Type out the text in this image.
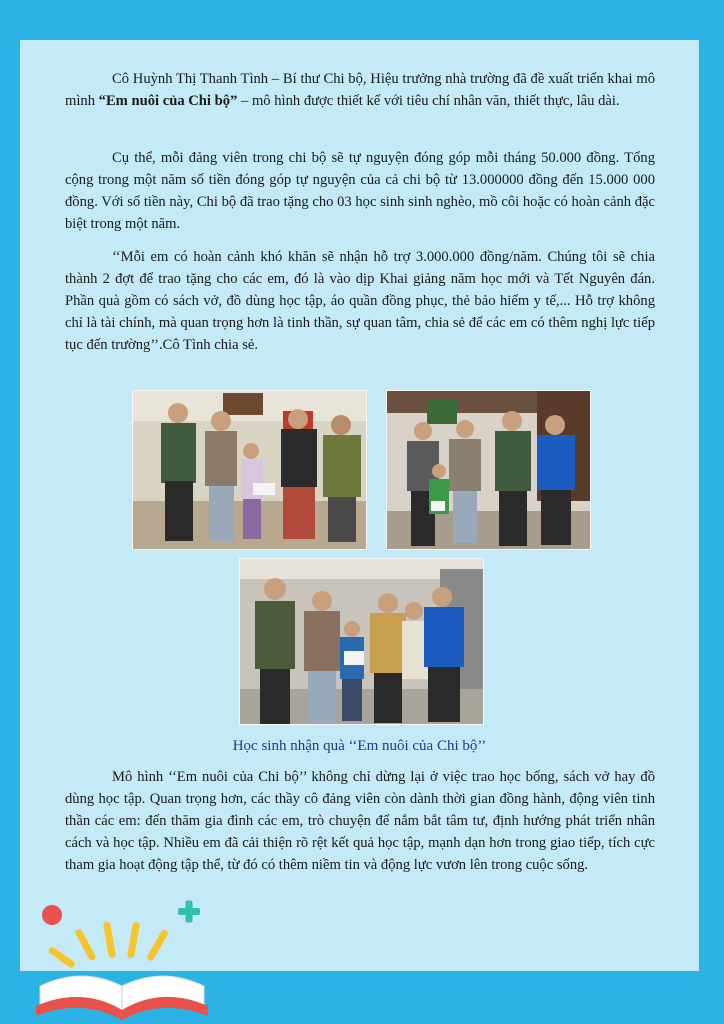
Cô Huỳnh Thị Thanh Tình – Bí thư Chi bộ, Hiệu trưởng nhà trường đã đề xuất triển khai mô mình “Em nuôi của Chi bộ” – mô hình được thiết kế với tiêu chí nhân văn, thiết thực, lâu dài.

Cụ thể, mỗi đảng viên trong chi bộ sẽ tự nguyện đóng góp mỗi tháng 50.000 đồng. Tổng cộng trong một năm số tiền đóng góp tự nguyện của cả chi bộ từ 13.000000 đồng đến 15.000 000 đồng. Với số tiền này, Chi bộ đã trao tặng cho 03 học sinh sinh nghèo, mồ côi hoặc có hoàn cảnh đặc biệt trong một năm.

‘‘Mỗi em có hoàn cảnh khó khăn sẽ nhận hỗ trợ 3.000.000 đồng/năm. Chúng tôi sẽ chia thành 2 đợt để trao tặng cho các em, đó là vào dịp Khai giảng năm học mới và Tết Nguyên đán. Phần quà gồm có sách vở, đồ dùng học tập, áo quần đồng phục, thẻ bảo hiểm y tế,... Hỗ trợ không chỉ là tài chính, mà quan trọng hơn là tinh thần, sự quan tâm, chia sẻ để các em có thêm nghị lực tiếp tục đến trường’’.Cô Tình chia sẻ.

Học sinh nhận quà ‘‘Em nuôi của Chi bộ’’

Mô hình ‘‘Em nuôi của Chi bộ’’ không chỉ dừng lại ở việc trao học bổng, sách vở hay đồ dùng học tập. Quan trọng hơn, các thầy cô đảng viên còn dành thời gian đồng hành, động viên tinh thần các em: đến thăm gia đình các em, trò chuyện để nắm bắt tâm tư, định hướng phát triển nhân cách và học tập. Nhiều em đã cải thiện rõ rệt kết quả học tập, mạnh dạn hơn trong giao tiếp, tích cực tham gia hoạt động tập thể, từ đó có thêm niềm tin và động lực vươn lên trong cuộc sống.
